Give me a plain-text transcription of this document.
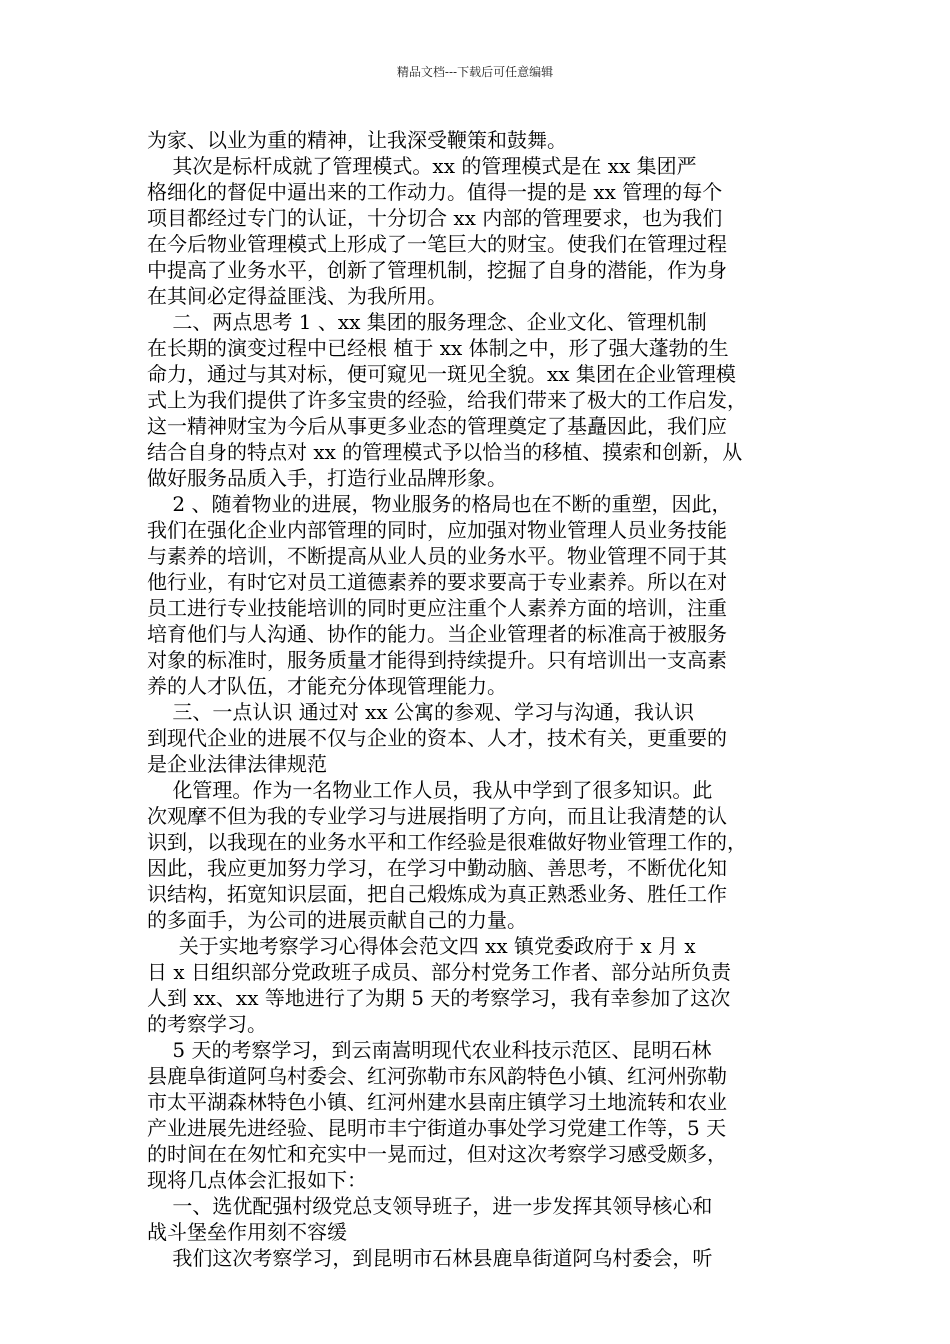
精品文档---下载后可任意编辑
为家、以业为重的精神，让我深受鞭策和鼓舞。
其次是标杆成就了管理模式。xx 的管理模式是在 xx 集团严
格细化的督促中逼出来的工作动力。值得一提的是 xx 管理的每个
项目都经过专门的认证，十分切合 xx 内部的管理要求，也为我们
在今后物业管理模式上形成了一笔巨大的财宝。使我们在管理过程
中提高了业务水平，创新了管理机制，挖掘了自身的潜能，作为身
在其间必定得益匪浅、为我所用。
二、两点思考 1 、xx 集团的服务理念、企业文化、管理机制
在长期的演变过程中已经根 植于 xx 体制之中，形了强大蓬勃的生
命力，通过与其对标，便可窥见一斑见全貌。xx 集团在企业管理模
式上为我们提供了许多宝贵的经验，给我们带来了极大的工作启发，
这一精神财宝为今后从事更多业态的管理奠定了基矗因此，我们应
结合自身的特点对 xx 的管理模式予以恰当的移植、摸索和创新，从
做好服务品质入手，打造行业品牌形象。
2 、随着物业的进展，物业服务的格局也在不断的重塑，因此，
我们在强化企业内部管理的同时，应加强对物业管理人员业务技能
与素养的培训，不断提高从业人员的业务水平。物业管理不同于其
他行业，有时它对员工道德素养的要求要高于专业素养。所以在对
员工进行专业技能培训的同时更应注重个人素养方面的培训，注重
培育他们与人沟通、协作的能力。当企业管理者的标准高于被服务
对象的标准时，服务质量才能得到持续提升。只有培训出一支高素
养的人才队伍，才能充分体现管理能力。
三、一点认识 通过对 xx 公寓的参观、学习与沟通，我认识
到现代企业的进展不仅与企业的资本、人才，技术有关，更重要的
是企业法律法律规范
化管理。作为一名物业工作人员，我从中学到了很多知识。此
次观摩不但为我的专业学习与进展指明了方向，而且让我清楚的认
识到，以我现在的业务水平和工作经验是很难做好物业管理工作的，
因此，我应更加努力学习，在学习中勤动脑、善思考，不断优化知
识结构，拓宽知识层面，把自己煅炼成为真正熟悉业务、胜任工作
的多面手，为公司的进展贡献自己的力量。
关于实地考察学习心得体会范文四 xx 镇党委政府于 x 月 x
日 x 日组织部分党政班子成员、部分村党务工作者、部分站所负责
人到 xx、xx 等地进行了为期 5 天的考察学习，我有幸参加了这次
的考察学习。
5 天的考察学习，到云南嵩明现代农业科技示范区、昆明石林
县鹿阜街道阿乌村委会、红河弥勒市东风韵特色小镇、红河州弥勒
市太平湖森林特色小镇、红河州建水县南庄镇学习土地流转和农业
产业进展先进经验、昆明市丰宁街道办事处学习党建工作等，5 天
的时间在在匆忙和充实中一晃而过，但对这次考察学习感受颇多，
现将几点体会汇报如下：
一、选优配强村级党总支领导班子，进一步发挥其领导核心和
战斗堡垒作用刻不容缓
我们这次考察学习，到昆明市石林县鹿阜街道阿乌村委会，听
